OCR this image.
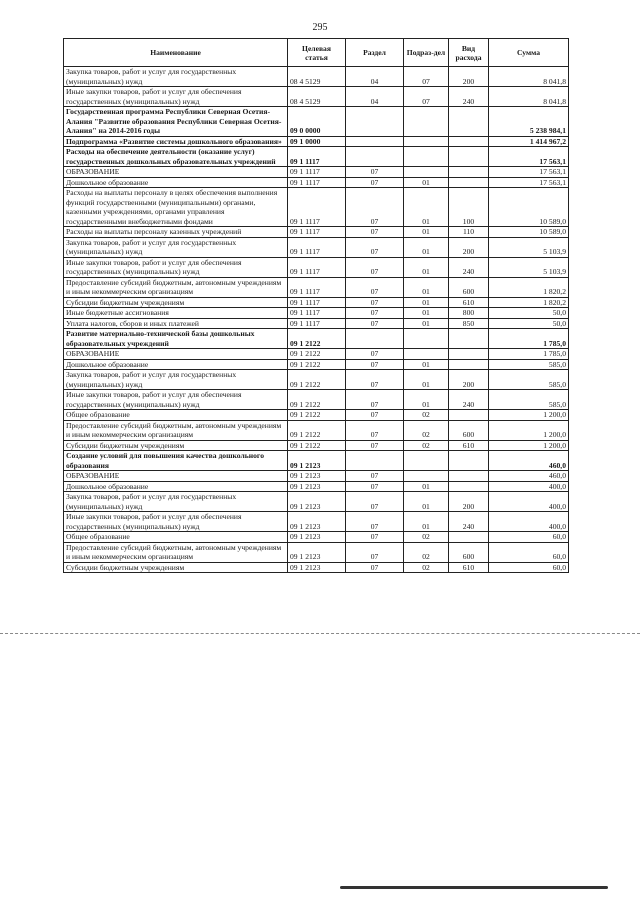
295
Наименование	Целевая статья	Раздел	Подраз-дел	Вид расхода	Сумма
Закупка товаров, работ и услуг для государственных (муниципальных) нужд	08 4 5129	04	07	200	8 041,8
Иные закупки товаров, работ и услуг для обеспечения государственных (муниципальных) нужд	08 4 5129	04	07	240	8 041,8
Государственная программа Республики Северная Осетия-Алания "Развитие образования Республики Северная Осетия-Алания" на 2014-2016 годы	09 0 0000				5 238 984,1
Подпрограмма «Развитие системы дошкольного образования»	09 1 0000				1 414 967,2
Расходы на обеспечение деятельности (оказание услуг) государственных дошкольных образовательных учреждений	09 1 1117				17 563,1
ОБРАЗОВАНИЕ	09 1 1117	07			17 563,1
Дошкольное образование	09 1 1117	07	01		17 563,1
Расходы на выплаты персоналу в целях обеспечения выполнения функций государственными (муниципальными) органами, казенными учреждениями, органами управления государственными внебюджетными фондами	09 1 1117	07	01	100	10 589,0
Расходы на выплаты персоналу казенных учреждений	09 1 1117	07	01	110	10 589,0
Закупка товаров, работ и услуг для государственных (муниципальных) нужд	09 1 1117	07	01	200	5 103,9
Иные закупки товаров, работ и услуг для обеспечения государственных (муниципальных) нужд	09 1 1117	07	01	240	5 103,9
Предоставление субсидий бюджетным, автономным учреждениям и иным некоммерческим организациям	09 1 1117	07	01	600	1 820,2
Субсидии бюджетным учреждениям	09 1 1117	07	01	610	1 820,2
Иные бюджетные ассигнования	09 1 1117	07	01	800	50,0
Уплата налогов, сборов и иных платежей	09 1 1117	07	01	850	50,0
Развитие материально-технической базы дошкольных образовательных учреждений	09 1 2122				1 785,0
ОБРАЗОВАНИЕ	09 1 2122	07			1 785,0
Дошкольное образование	09 1 2122	07	01		585,0
Закупка товаров, работ и услуг для государственных (муниципальных) нужд	09 1 2122	07	01	200	585,0
Иные закупки товаров, работ и услуг для обеспечения государственных (муниципальных) нужд	09 1 2122	07	01	240	585,0
Общее образование	09 1 2122	07	02		1 200,0
Предоставление субсидий бюджетным, автономным учреждениям и иным некоммерческим организациям	09 1 2122	07	02	600	1 200,0
Субсидии бюджетным учреждениям	09 1 2122	07	02	610	1 200,0
Создание условий для повышения качества дошкольного образования	09 1 2123				460,0
ОБРАЗОВАНИЕ	09 1 2123	07			460,0
Дошкольное образование	09 1 2123	07	01		400,0
Закупка товаров, работ и услуг для государственных (муниципальных) нужд	09 1 2123	07	01	200	400,0
Иные закупки товаров, работ и услуг для обеспечения государственных (муниципальных) нужд	09 1 2123	07	01	240	400,0
Общее образование	09 1 2123	07	02		60,0
Предоставление субсидий бюджетным, автономным учреждениям и иным некоммерческим организациям	09 1 2123	07	02	600	60,0
Субсидии бюджетным учреждениям	09 1 2123	07	02	610	60,0
